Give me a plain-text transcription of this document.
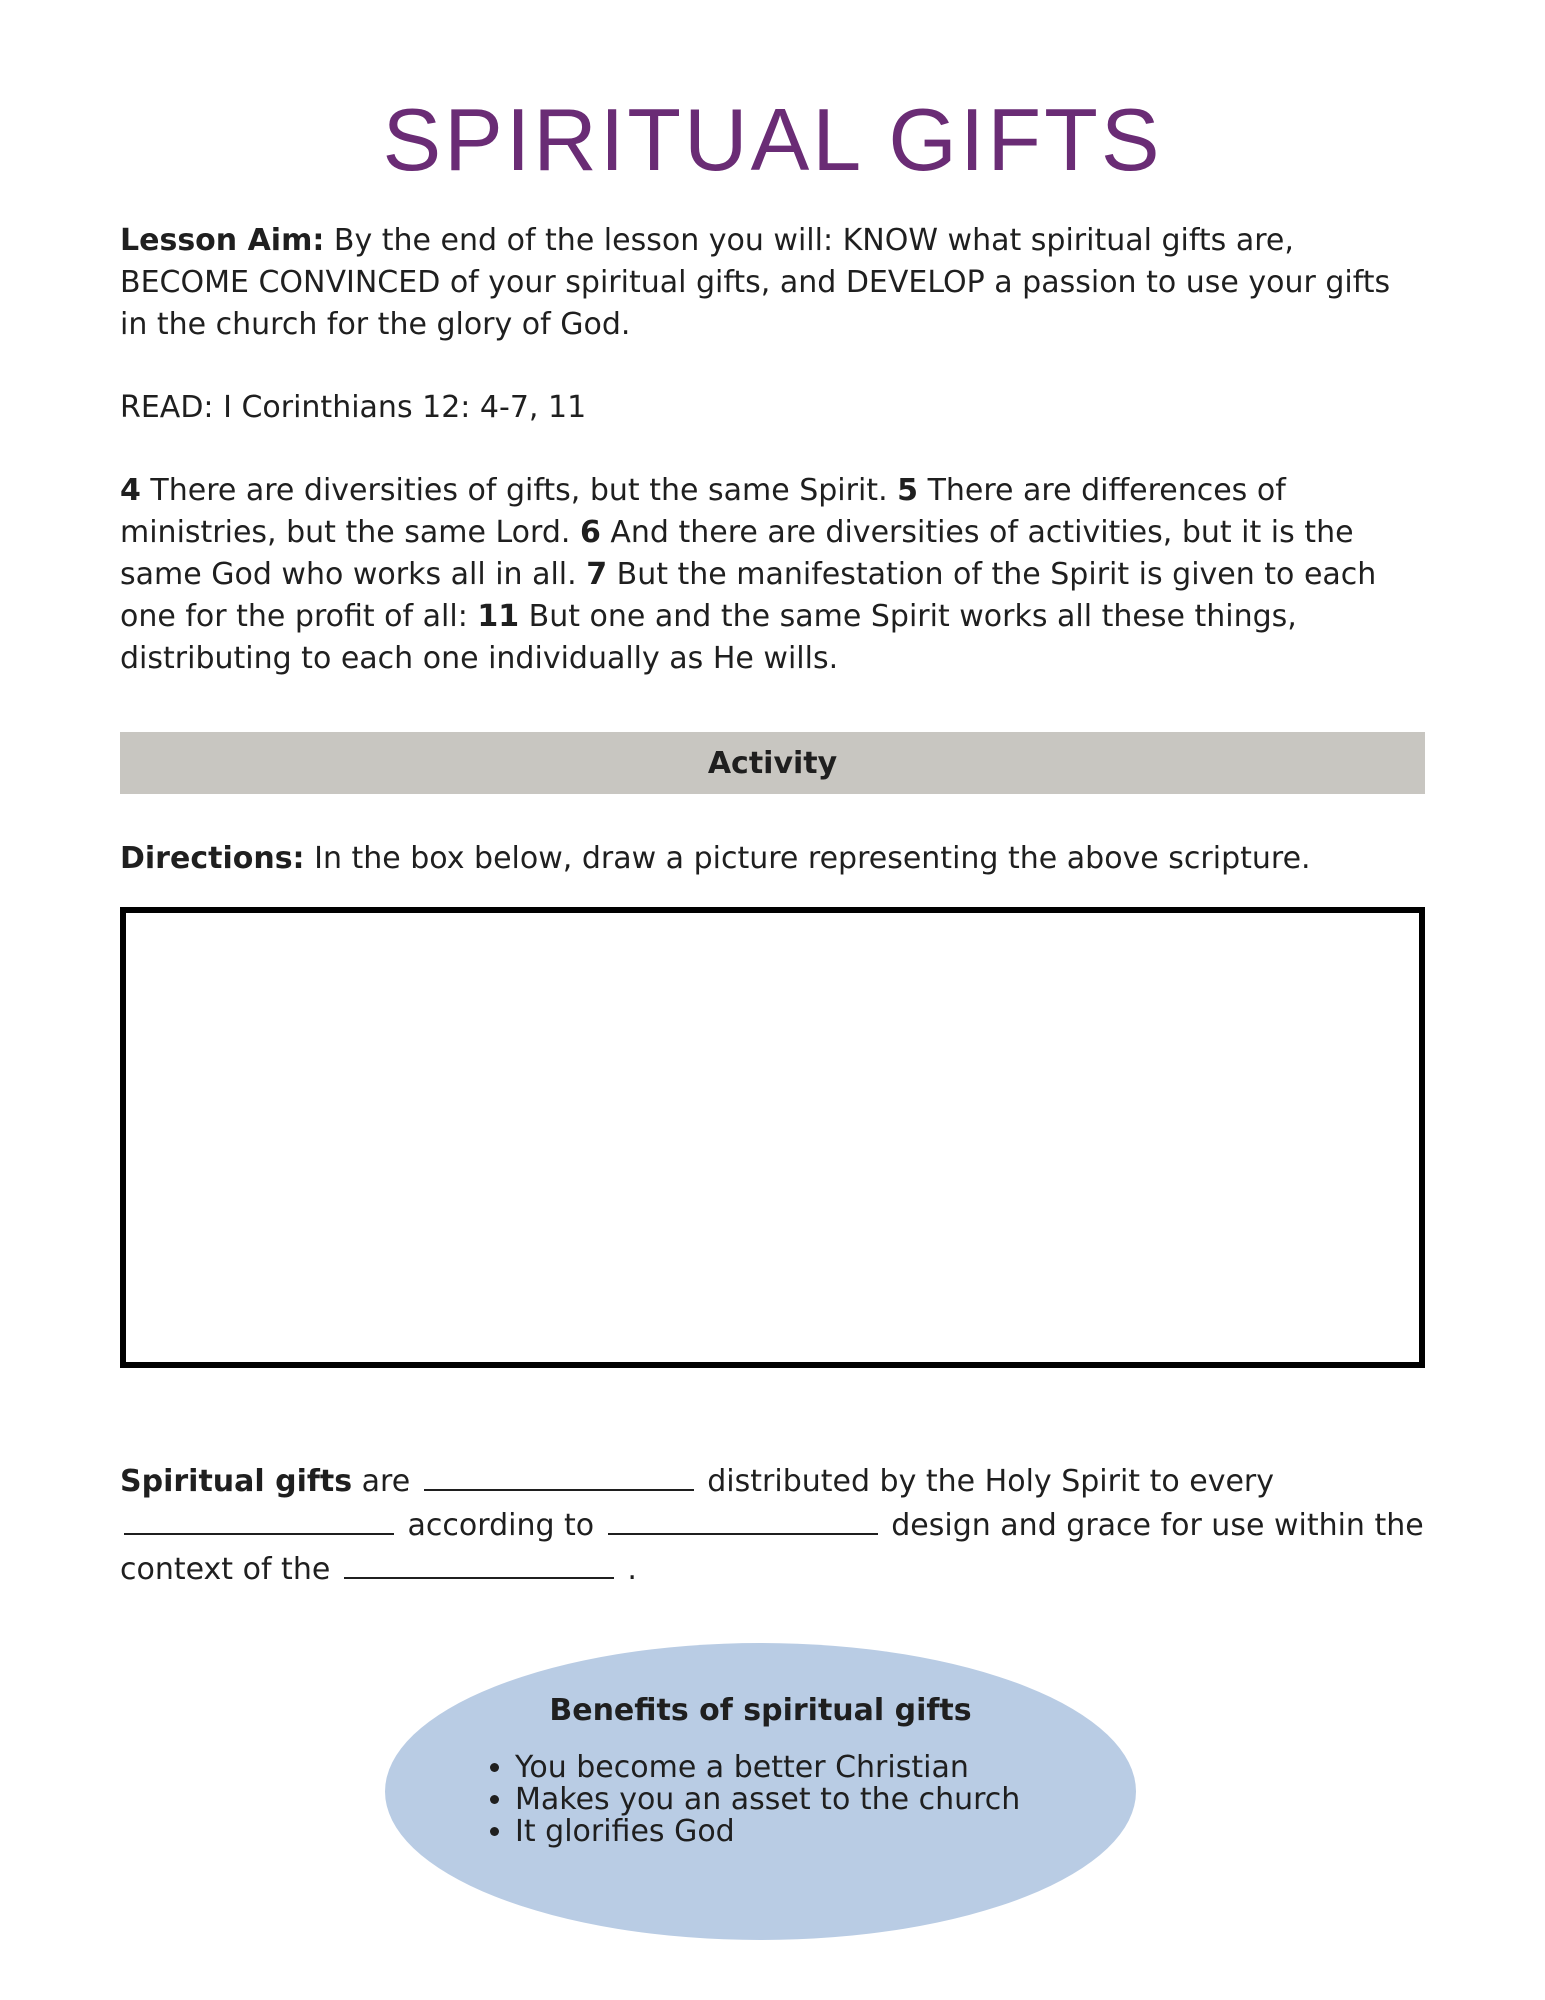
SPIRITUAL GIFTS

Lesson Aim: By the end of the lesson you will: KNOW what spiritual gifts are, BECOME CONVINCED of your spiritual gifts, and DEVELOP a passion to use your gifts in the church for the glory of God.

READ: I Corinthians 12: 4-7, 11

4 There are diversities of gifts, but the same Spirit. 5 There are differences of ministries, but the same Lord. 6 And there are diversities of activities, but it is the same God who works all in all. 7 But the manifestation of the Spirit is given to each one for the profit of all: 11 But one and the same Spirit works all these things, distributing to each one individually as He wills.

Activity

Directions: In the box below, draw a picture representing the above scripture.

Spiritual gifts are	distributed by the Holy Spirit to every  according to	design and grace for use within the context of the	.

Benefits of spiritual gifts

• You become a better Christian
• Makes you an asset to the church
• It glorifies God
